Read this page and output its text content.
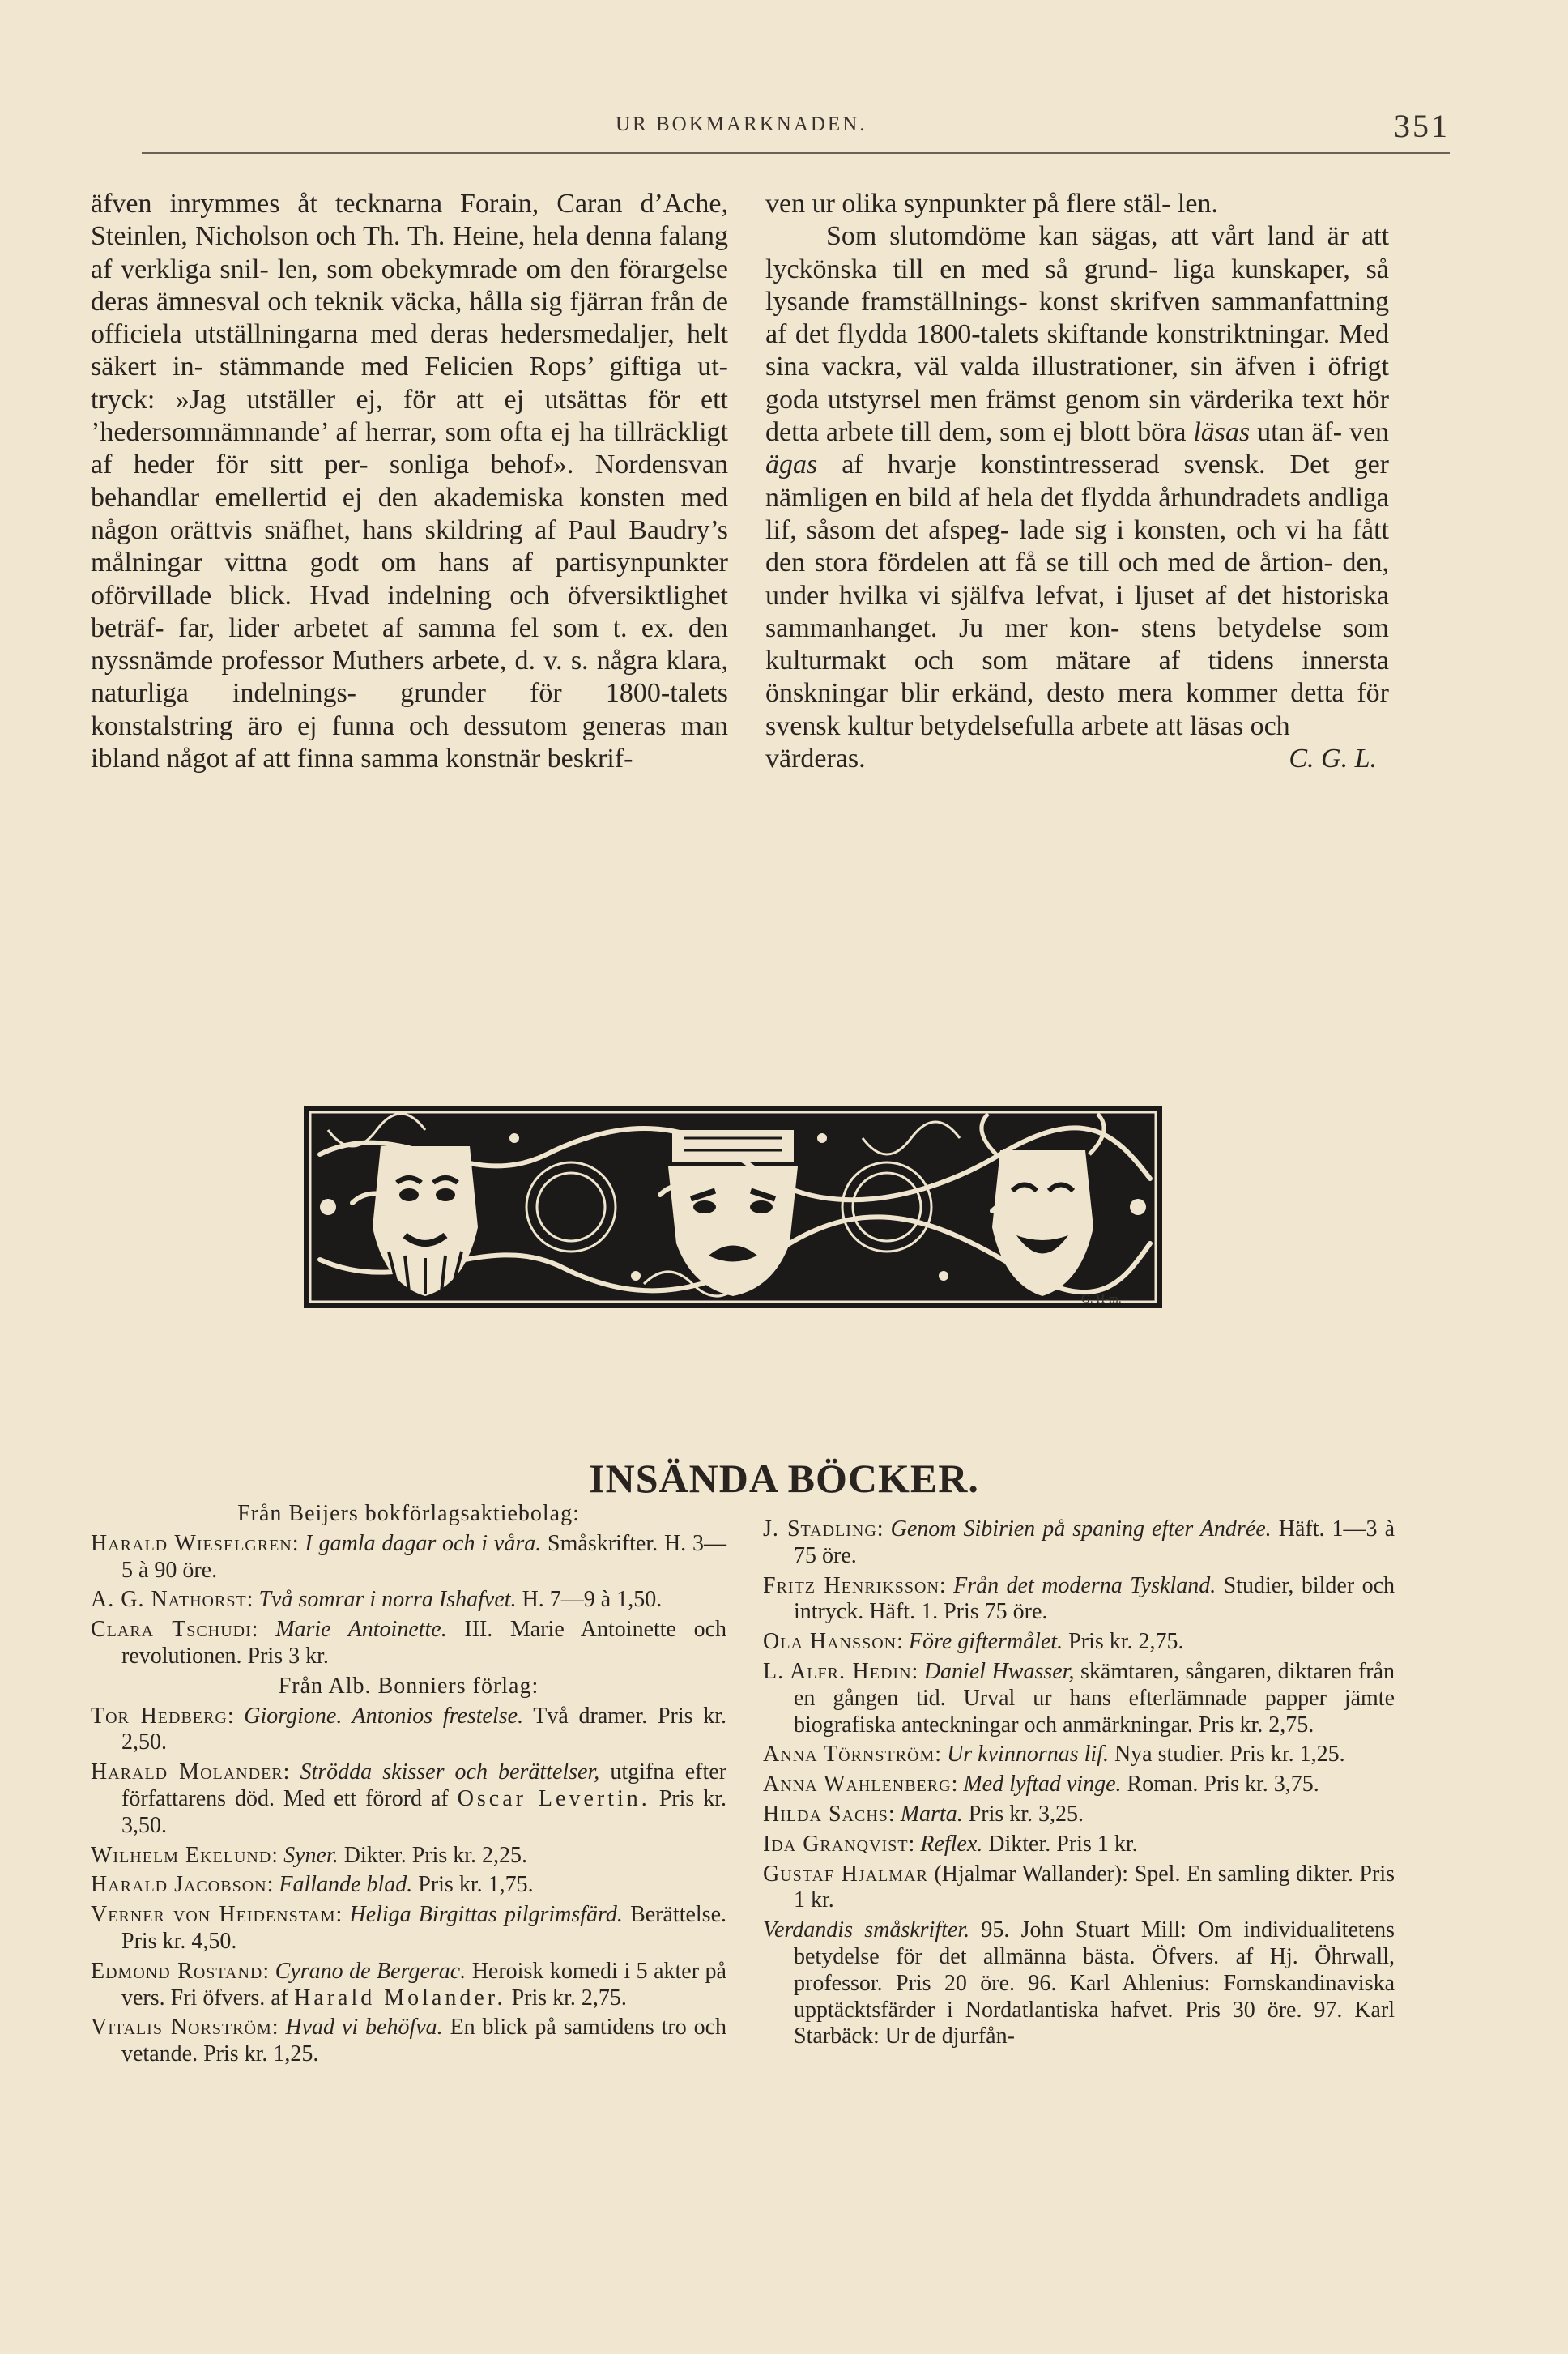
UR BOKMARKNADEN.	351

äfven inrymmes åt tecknarna Forain, Caran d’Ache, Steinlen, Nicholson och Th. Th. Heine, hela denna falang af verkliga snil- len, som obekymrade om den förargelse deras ämnesval och teknik väcka, hålla sig fjärran från de officiela utställningarna med deras hedersmedaljer, helt säkert in- stämmande med Felicien Rops’ giftiga ut- tryck: »Jag utställer ej, för att ej utsättas för ett ’hedersomnämnande’ af herrar, som ofta ej ha tillräckligt af heder för sitt per- sonliga behof». Nordensvan behandlar emellertid ej den akademiska konsten med någon orättvis snäfhet, hans skildring af Paul Baudry’s målningar vittna godt om hans af partisynpunkter oförvillade blick. Hvad indelning och öfversiktlighet beträf- far, lider arbetet af samma fel som t. ex. den nyssnämde professor Muthers arbete, d. v. s. några klara, naturliga indelnings- grunder för 1800-talets konstalstring äro ej funna och dessutom generas man ibland något af att finna samma konstnär beskrif-

ven ur olika synpunkter på flere stäl- len.

Som slutomdöme kan sägas, att vårt land är att lyckönska till en med så grund- liga kunskaper, så lysande framställnings- konst skrifven sammanfattning af det flydda 1800-talets skiftande konstriktningar. Med sina vackra, väl valda illustrationer, sin äfven i öfrigt goda utstyrsel men främst genom sin värderika text hör detta arbete till dem, som ej blott böra läsas utan äf- ven ägas af hvarje konstintresserad svensk. Det ger nämligen en bild af hela det flydda århundradets andliga lif, såsom det afspeg- lade sig i konsten, och vi ha fått den stora fördelen att få se till och med de årtion- den, under hvilka vi själfva lefvat, i ljuset af det historiska sammanhanget. Ju mer kon- stens betydelse som kulturmakt och som mätare af tidens innersta önskningar blir erkänd, desto mera kommer detta för svensk kultur betydelsefulla arbete att läsas och

C. G. L.
värderas.

G. H-m.
INSÄNDA BÖCKER.

Från Beijers bokförlagsaktiebolag:

Harald Wieselgren: I gamla dagar och i våra. Småskrifter. H. 3—5 à 90 öre.

A. G. Nathorst: Två somrar i norra Ishafvet. H. 7—9 à 1,50.

Clara Tschudi: Marie Antoinette. III. Marie Antoinette och revolutionen. Pris 3 kr.

Från Alb. Bonniers förlag:

Tor Hedberg: Giorgione. Antonios frestelse. Två dramer. Pris kr. 2,50.

Harald Molander: Strödda skisser och berättelser, utgifna efter författarens död. Med ett förord af Oscar Levertin. Pris kr. 3,50.

Wilhelm Ekelund: Syner. Dikter. Pris kr. 2,25.

Harald Jacobson: Fallande blad. Pris kr. 1,75.

Verner von Heidenstam: Heliga Birgittas pilgrimsfärd. Berättelse. Pris kr. 4,50.

Edmond Rostand: Cyrano de Bergerac. Heroisk komedi i 5 akter på vers. Fri öfvers. af Harald Molander. Pris kr. 2,75.

Vitalis Norström: Hvad vi behöfva. En blick på samtidens tro och vetande. Pris kr. 1,25.

J. Stadling: Genom Sibirien på spaning efter Andrée. Häft. 1—3 à 75 öre.

Fritz Henriksson: Från det moderna Tyskland. Studier, bilder och intryck. Häft. 1. Pris 75 öre.

Ola Hansson: Före giftermålet. Pris kr. 2,75.

L. Alfr. Hedin: Daniel Hwasser, skämtaren, sångaren, diktaren från en gången tid. Urval ur hans efterlämnade papper jämte biografiska anteckningar och anmärkningar. Pris kr. 2,75.

Anna Törnström: Ur kvinnornas lif. Nya studier. Pris kr. 1,25.

Anna Wahlenberg: Med lyftad vinge. Roman. Pris kr. 3,75.

Hilda Sachs: Marta. Pris kr. 3,25.

Ida Granqvist: Reflex. Dikter. Pris 1 kr.

Gustaf Hjalmar (Hjalmar Wallander): Spel. En samling dikter. Pris 1 kr.

Verdandis småskrifter. 95. John Stuart Mill: Om individualitetens betydelse för det allmänna bästa. Öfvers. af Hj. Öhrwall, professor. Pris 20 öre. 96. Karl Ahlenius: Fornskandinaviska upptäcktsfärder i Nordatlantiska hafvet. Pris 30 öre. 97. Karl Starbäck: Ur de djurfån-
